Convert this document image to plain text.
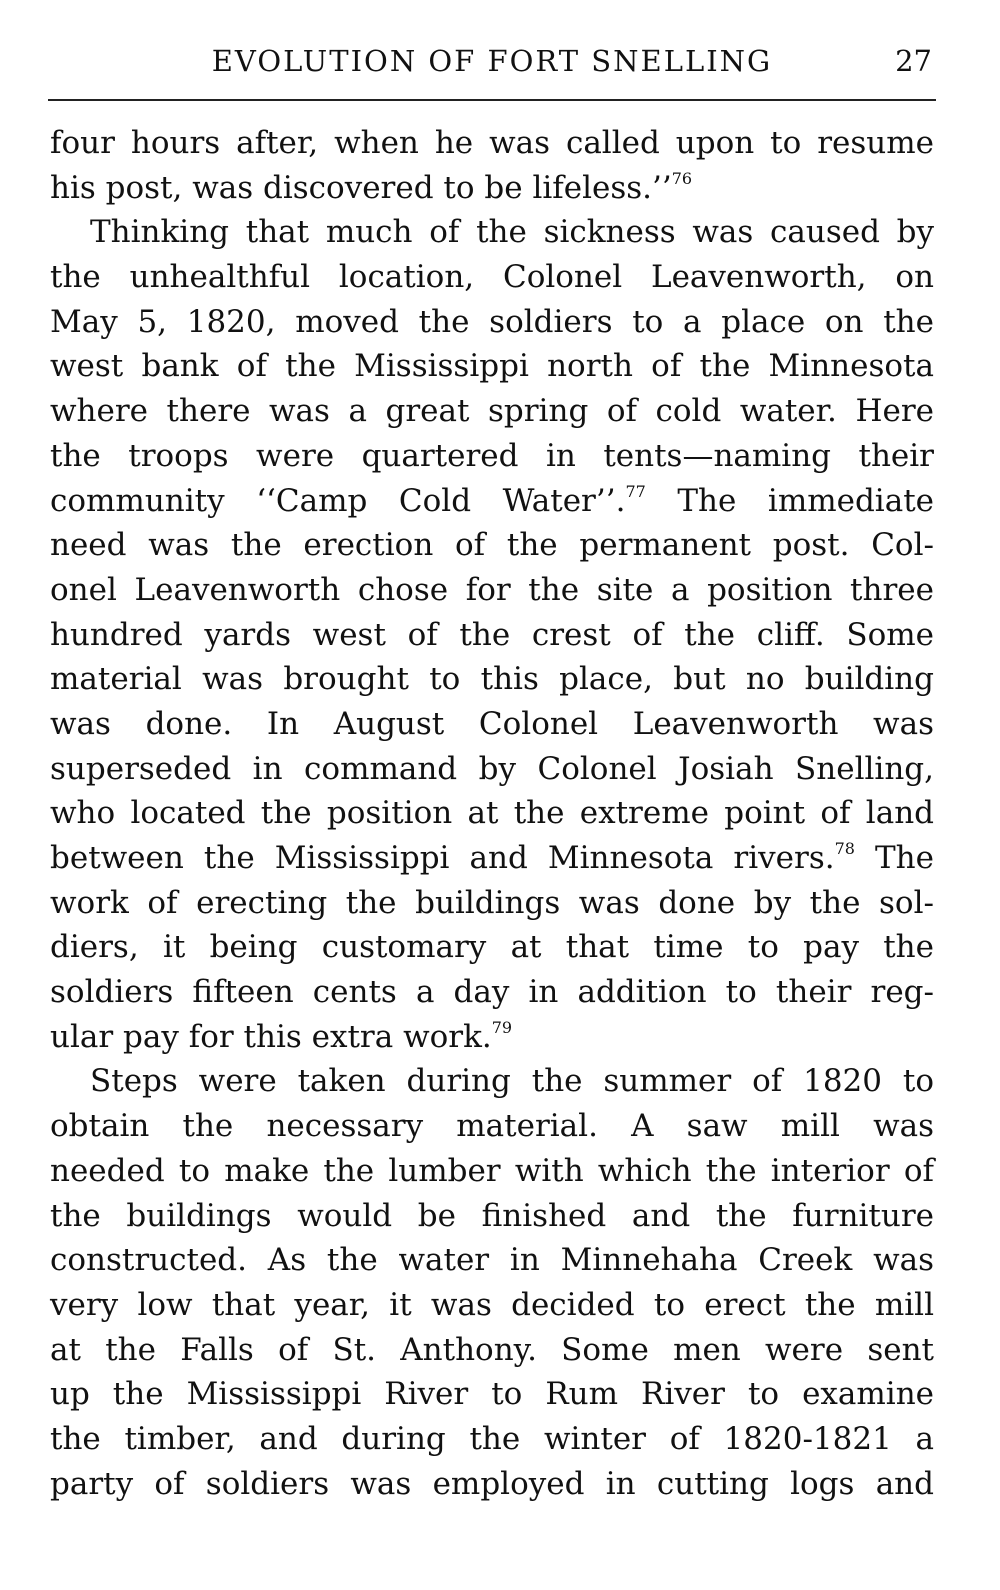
EVOLUTION OF FORT SNELLING	27
four hours after, when he was called upon to resume
his post, was discovered to be lifeless.’’$^{76}$
Thinking that much of the sickness was caused by
the unhealthful location, Colonel Leavenworth, on
May 5, 1820, moved the soldiers to a place on the
west bank of the Mississippi north of the Minnesota
where there was a great spring of cold water. Here
the troops were quartered in tents—naming their
community ‘‘Camp Cold Water’’.$^{77}$ The immediate
need was the erection of the permanent post. Col-
onel Leavenworth chose for the site a position three
hundred yards west of the crest of the cliff. Some
material was brought to this place, but no building
was done. In August Colonel Leavenworth was
superseded in command by Colonel Josiah Snelling,
who located the position at the extreme point of land
between the Mississippi and Minnesota rivers.$^{78}$ The
work of erecting the buildings was done by the sol-
diers, it being customary at that time to pay the
soldiers fifteen cents a day in addition to their reg-
ular pay for this extra work.$^{79}$
Steps were taken during the summer of 1820 to
obtain the necessary material. A saw mill was
needed to make the lumber with which the interior of
the buildings would be finished and the furniture
constructed. As the water in Minnehaha Creek was
very low that year, it was decided to erect the mill
at the Falls of St. Anthony. Some men were sent
up the Mississippi River to Rum River to examine
the timber, and during the winter of 1820-1821 a
party of soldiers was employed in cutting logs and
